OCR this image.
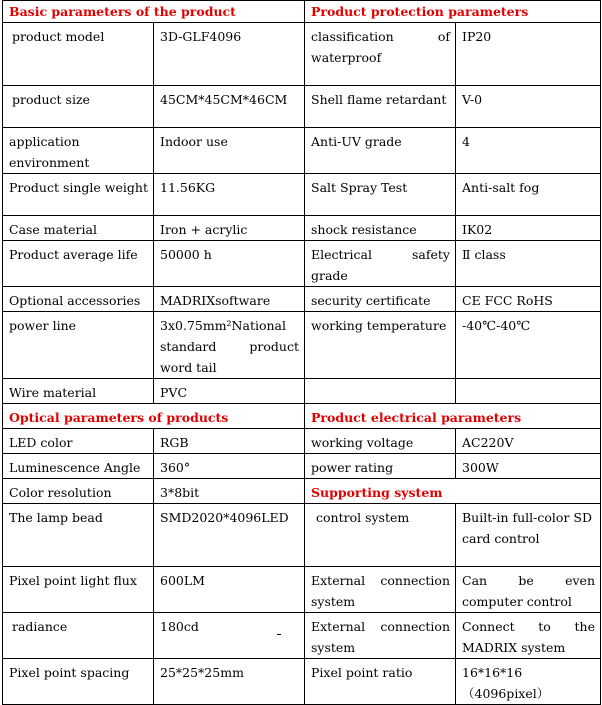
Basic parameters of the product		Product protection parameters	
product model	3D-GLF4096	classification of waterproof	IP20
product size	45CM*45CM*46CM	Shell flame retardant	V-0
application environment	Indoor use	Anti-UV grade	4
Product single weight	11.56KG	Salt Spray Test	Anti-salt fog
Case material	Iron + acrylic	shock resistance	IK02
Product average life	50000 h	Electrical safety grade	Ⅱ class
Optional accessories	MADRIXsoftware	security certificate	CE FCC RoHS
power line	3x0.75mm²National standard product word tail	working temperature	-40℃-40℃
Wire material	PVC		
Optical parameters of products		Product electrical parameters	
LED color	RGB	working voltage	AC220V
Luminescence Angle	360°	power rating	300W
Color resolution	3*8bit	Supporting system	
The lamp bead	SMD2020*4096LED	control system	Built-in full-color SD card control
Pixel point light flux	600LM	External connection system	Can be even computer control
radiance	180cd	External connection system	Connect to the MADRIX system
Pixel point spacing	25*25*25mm	Pixel point ratio	16*16*16 （4096pixel）
